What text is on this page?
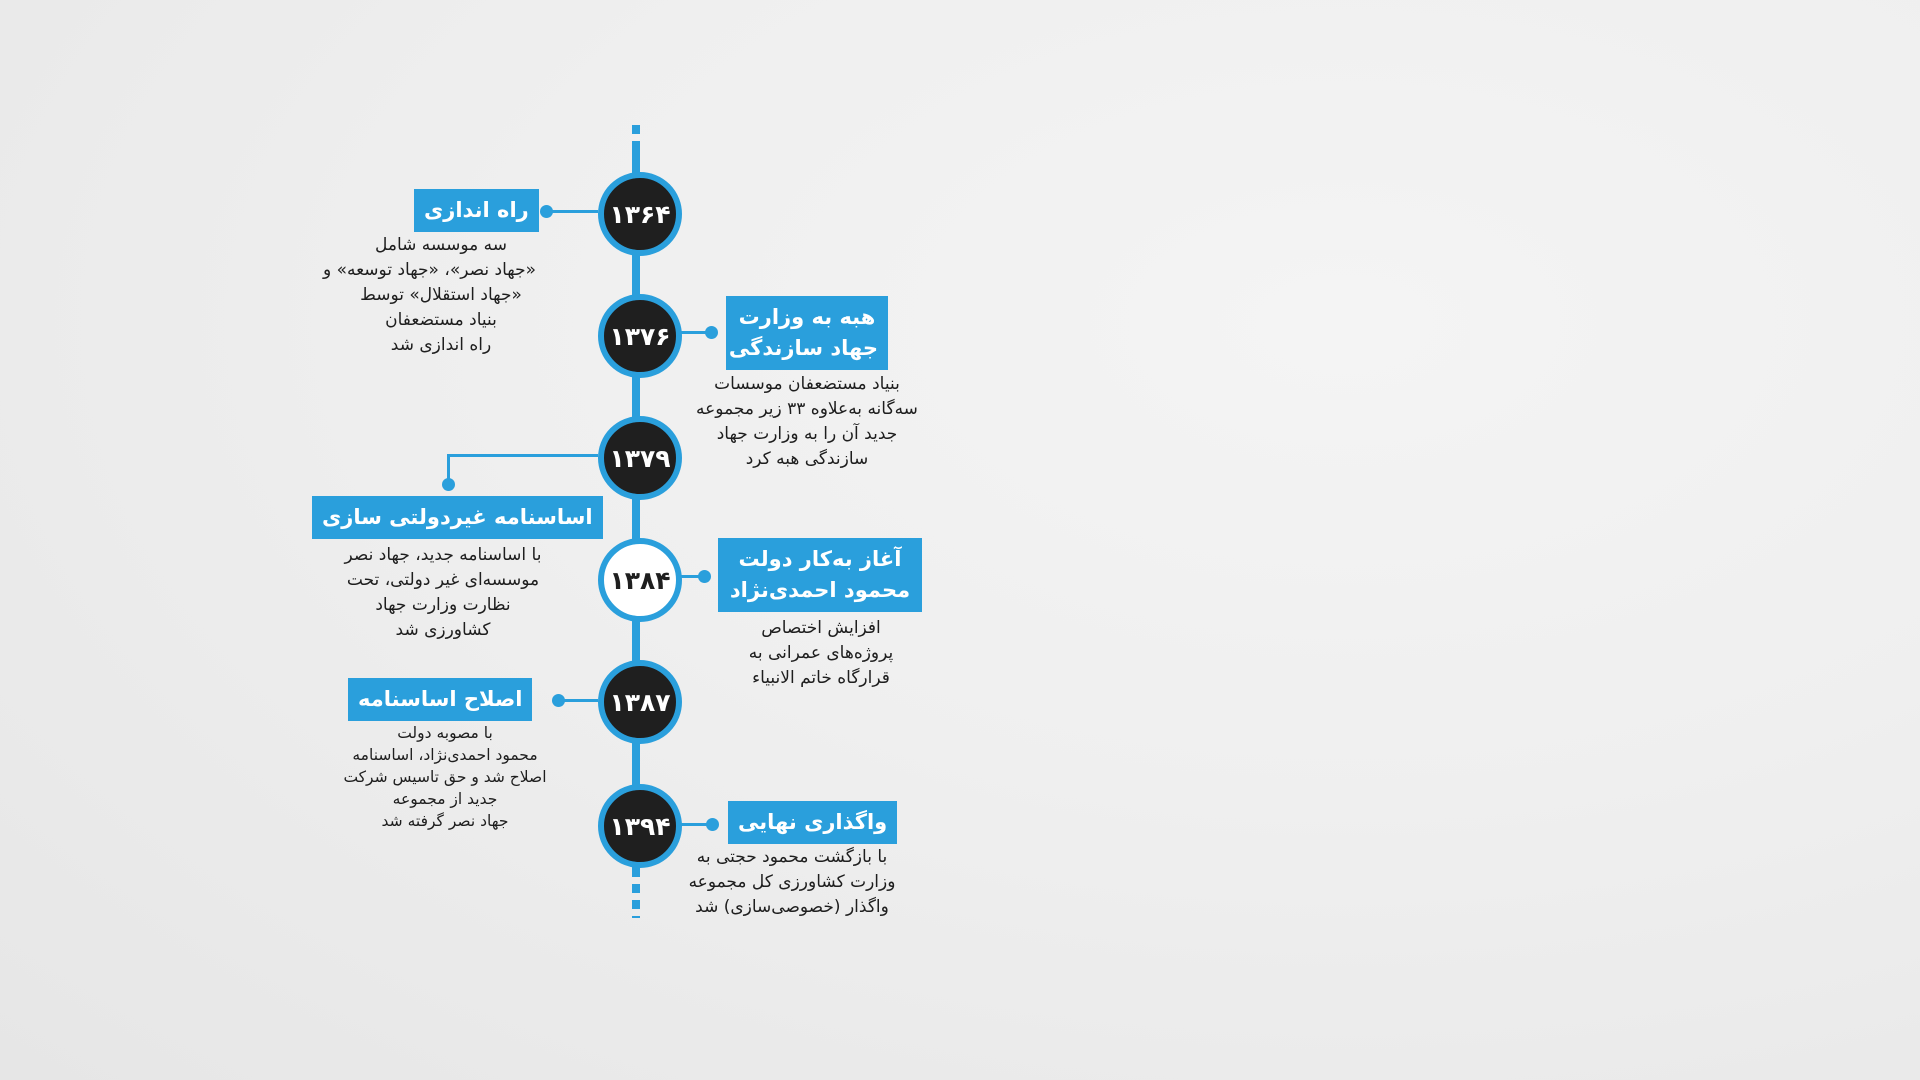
۱۳۶۴
راه اندازی
سه موسسه شامل
«جهاد نصر»، «جهاد توسعه» و
«جهاد استقلال» توسط
بنیاد مستضعفان
راه اندازی شد	۱۳۷۶
هبه به وزارت
جهاد سازندگی
بنیاد مستضعفان موسسات
سه‌گانه به‌علاوه ۳۳ زیر مجموعه
جدید آن را به وزارت جهاد
سازندگی هبه کرد
۱۳۷۹
اساسنامه غیردولتی سازی
با اساسنامه جدید، جهاد نصر
موسسه‌ای غیر دولتی، تحت
نظارت وزارت جهاد
کشاورزی شد
۱۳۸۴
آغاز به‌کار دولت
محمود احمدی‌نژاد
افزایش اختصاص
پروژه‌های عمرانی به
قرارگاه خاتم الانبیاء
۱۳۸۷
اصلاح اساسنامه
با مصوبه دولت
محمود احمدی‌نژاد، اساسنامه
اصلاح شد و حق تاسیس شرکت
جدید از مجموعه
جهاد نصر گرفته شد	۱۳۹۴	واگذاری نهایی
با بازگشت محمود حجتی به
وزارت کشاورزی کل مجموعه
واگذار (خصوصی‌سازی) شد
